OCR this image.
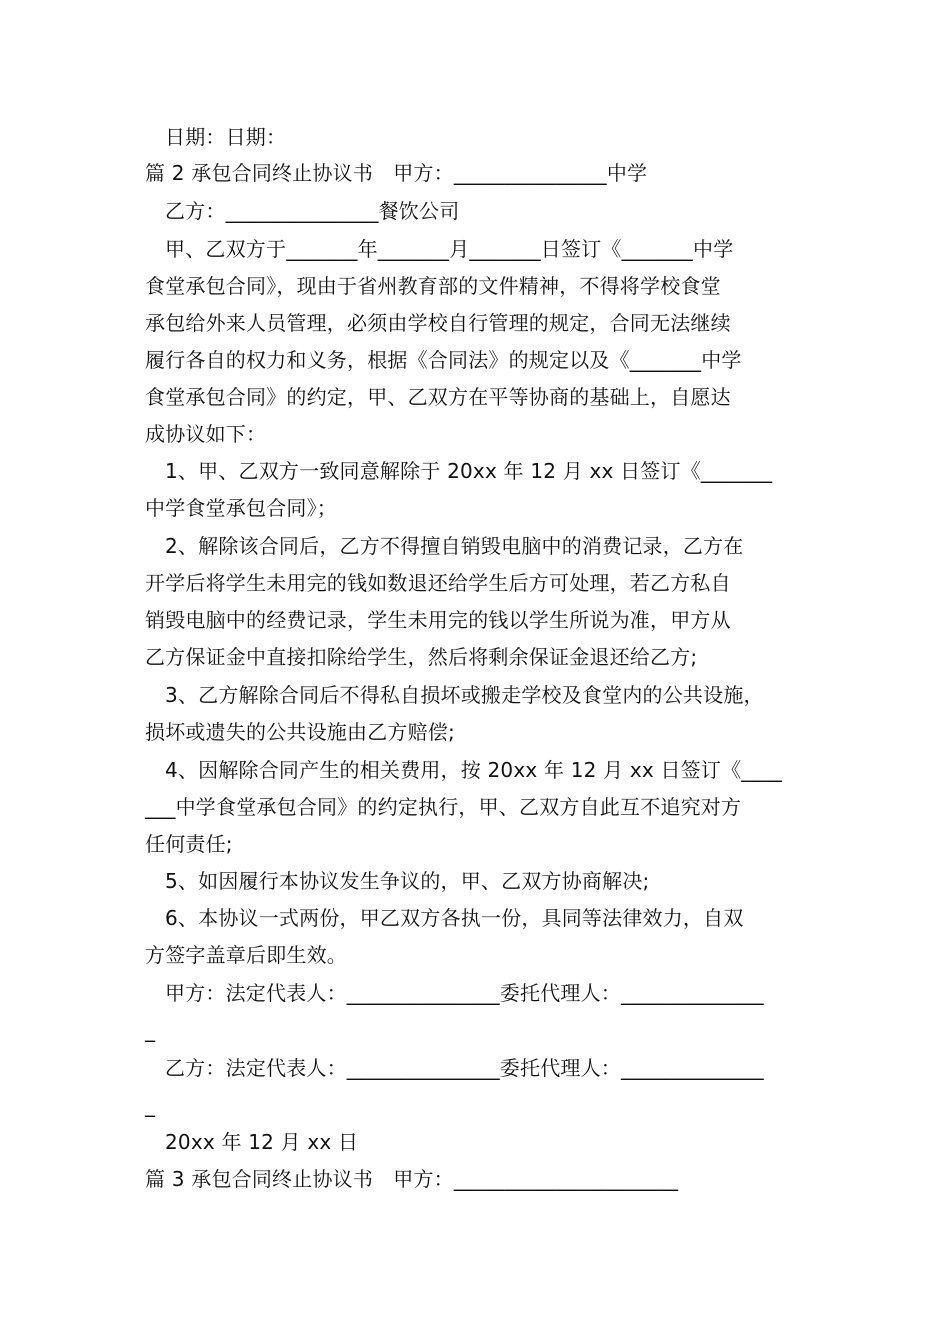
日期：日期：
篇 2 承包合同终止协议书　甲方：_______________中学
乙方：_______________餐饮公司
甲、乙双方于_______年_______月_______日签订《_______中学
食堂承包合同》，现由于省州教育部的文件精神，不得将学校食堂
承包给外来人员管理，必须由学校自行管理的规定，合同无法继续
履行各自的权力和义务，根据《合同法》的规定以及《_______中学
食堂承包合同》的约定，甲、乙双方在平等协商的基础上，自愿达
成协议如下：
1、甲、乙双方一致同意解除于 20xx 年 12 月 xx 日签订《_______
中学食堂承包合同》；
2、解除该合同后，乙方不得擅自销毁电脑中的消费记录，乙方在
开学后将学生未用完的钱如数退还给学生后方可处理，若乙方私自
销毁电脑中的经费记录，学生未用完的钱以学生所说为准，甲方从
乙方保证金中直接扣除给学生，然后将剩余保证金退还给乙方;
3、乙方解除合同后不得私自损坏或搬走学校及食堂内的公共设施，
损坏或遗失的公共设施由乙方赔偿;
4、因解除合同产生的相关费用，按 20xx 年 12 月 xx 日签订《____
___中学食堂承包合同》的约定执行，甲、乙双方自此互不追究对方
任何责任;
5、如因履行本协议发生争议的，甲、乙双方协商解决;
6、本协议一式两份，甲乙双方各执一份，具同等法律效力，自双
方签字盖章后即生效。
甲方：法定代表人：_______________委托代理人：______________
_
乙方：法定代表人：_______________委托代理人：______________
_
20xx 年 12 月 xx 日
篇 3 承包合同终止协议书　甲方：______________________
